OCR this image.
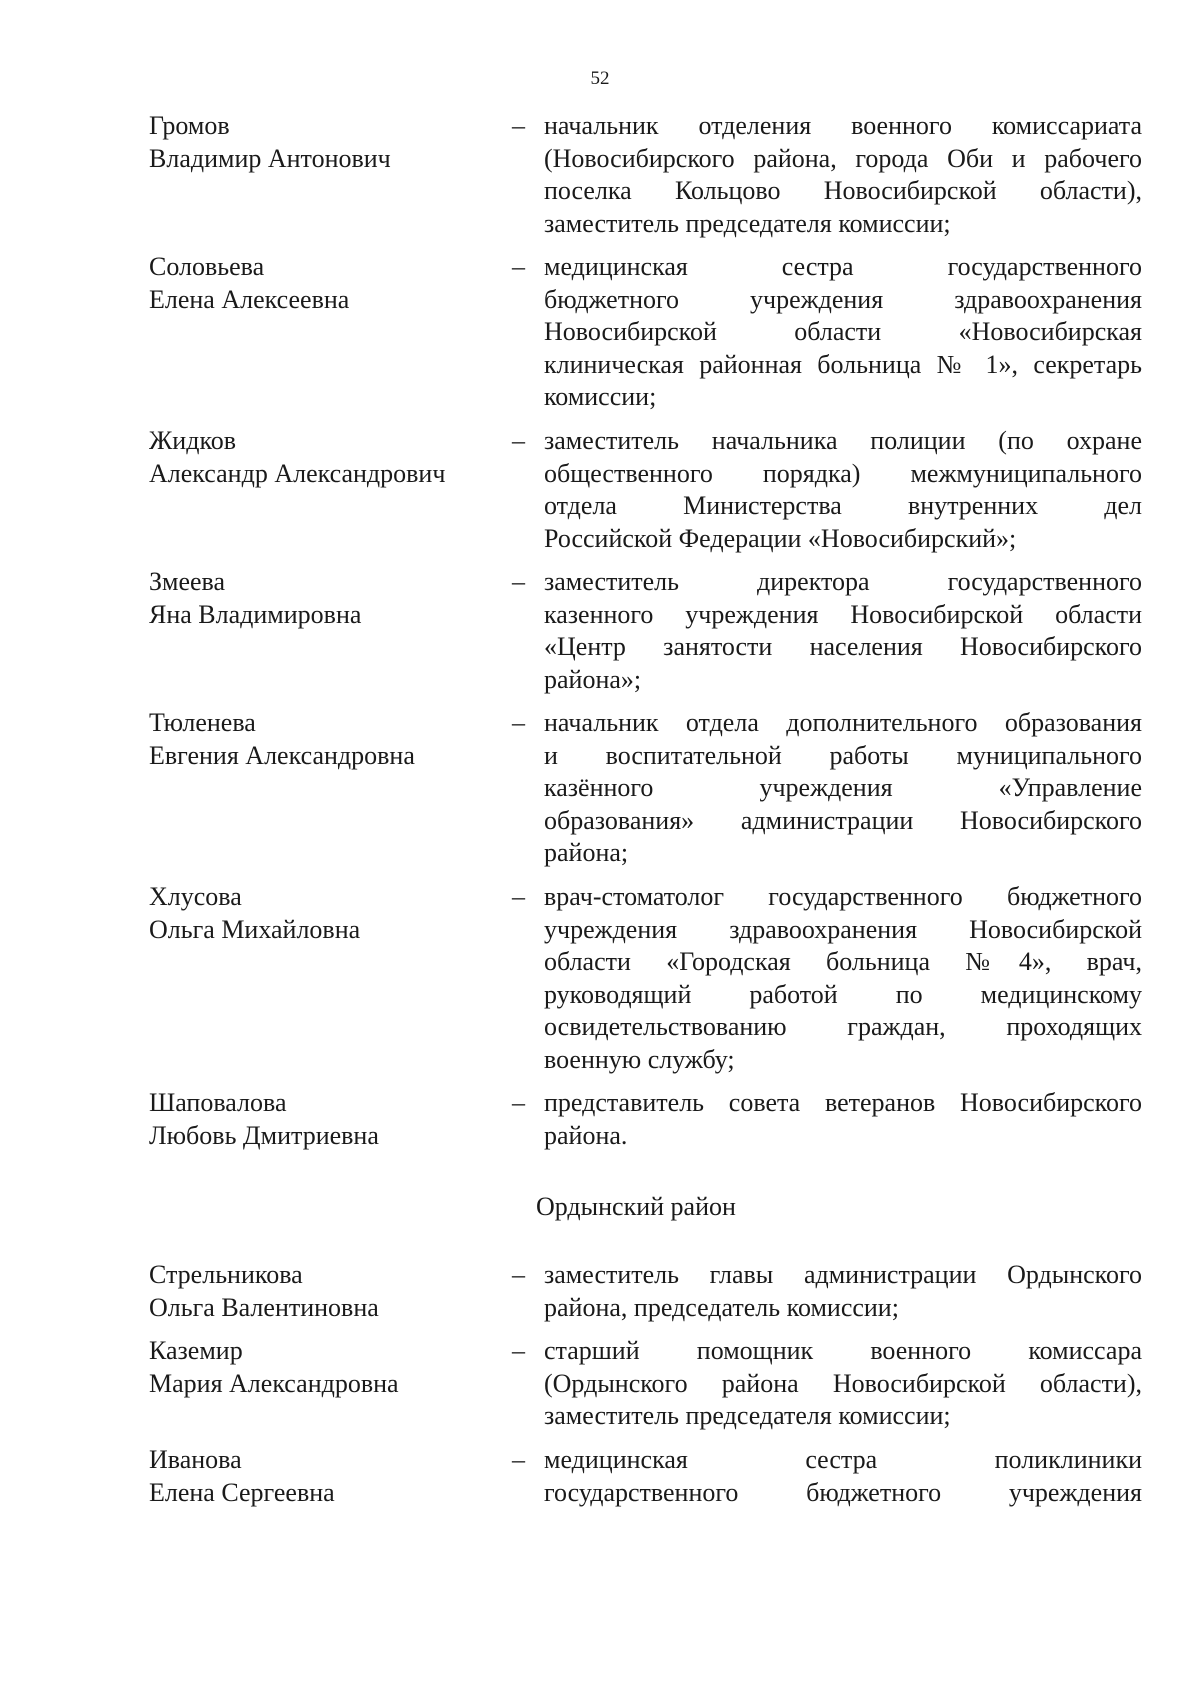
52
Громов
Владимир Антонович
– начальник отделения военного комиссариата
(Новосибирского района, города Оби и рабочего
поселка Кольцово Новосибирской области),
заместитель председателя комиссии;
Соловьева
Елена Алексеевна
– медицинская сестра государственного
бюджетного учреждения здравоохранения
Новосибирской области «Новосибирская
клиническая районная больница № 1», секретарь
комиссии;
Жидков
Александр Александрович
– заместитель начальника полиции (по охране
общественного порядка) межмуниципального
отдела Министерства внутренних дел
Российской Федерации «Новосибирский»;
Змеева
Яна Владимировна
– заместитель директора государственного
казенного учреждения Новосибирской области
«Центр занятости населения Новосибирского
района»;
Тюленева
Евгения Александровна
– начальник отдела дополнительного образования
и воспитательной работы муниципального
казённого учреждения «Управление
образования» администрации Новосибирского
района;
Хлусова
Ольга Михайловна
– врач-стоматолог государственного бюджетного
учреждения здравоохранения Новосибирской
области «Городская больница №4», врач,
руководящий работой по медицинскому
освидетельствованию граждан, проходящих
военную службу;
Шаповалова
Любовь Дмитриевна
– представитель совета ветеранов Новосибирского
района.
Ордынский район
Стрельникова
Ольга Валентиновна
– заместитель главы администрации Ордынского
района, председатель комиссии;
Каземир
Мария Александровна
– старший помощник военного комиссара
(Ордынского района Новосибирской области),
заместитель председателя комиссии;
Иванова
Елена Сергеевна
– медицинская сестра поликлиники
государственного бюджетного учреждения
